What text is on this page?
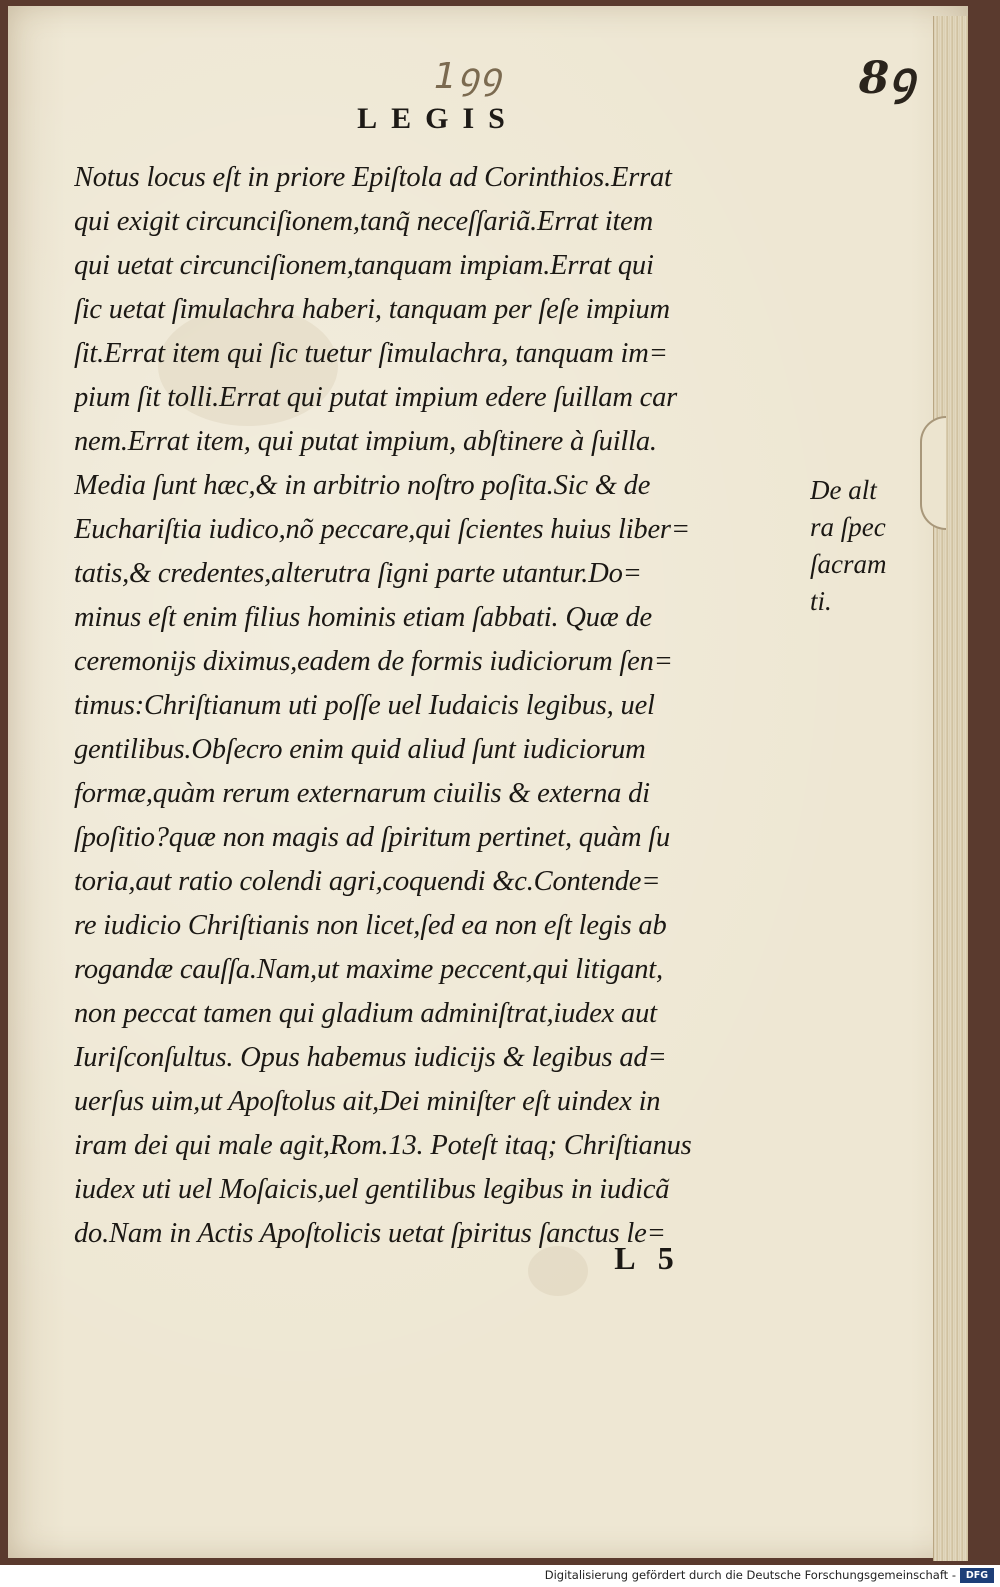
1ꝯꝯ	8ꝯ
LEGIS
Notus locus eſt in priore Epiſtola ad Corinthios.Errat
qui exigit circunciſionem,tanq̃ neceſſariã.Errat item
qui uetat circunciſionem,tanquam impiam.Errat qui
ſic uetat ſimulachra haberi, tanquam per ſeſe impium
ſit.Errat item qui ſic tuetur ſimulachra, tanquam im=
pium ſit tolli.Errat qui putat impium edere ſuillam car
nem.Errat item, qui putat impium, abſtinere à ſuilla.
Media ſunt hæc,& in arbitrio noſtro poſita.Sic & de
Euchariſtia iudico,nõ peccare,qui ſcientes huius liber=
tatis,& credentes,alterutra ſigni parte utantur.Do=
minus eſt enim filius hominis etiam ſabbati. Quæ de
ceremonijs diximus,eadem de formis iudiciorum ſen=
timus:Chriſtianum uti poſſe uel Iudaicis legibus, uel
gentilibus.Obſecro enim quid aliud ſunt iudiciorum
formæ,quàm rerum externarum ciuilis & externa di
ſpoſitio?quæ non magis ad ſpiritum pertinet, quàm ſu
toria,aut ratio colendi agri,coquendi &c.Contende=
re iudicio Chriſtianis non licet,ſed ea non eſt legis ab
rogandæ cauſſa.Nam,ut maxime peccent,qui litigant,
non peccat tamen qui gladium adminiſtrat,iudex aut
Iuriſconſultus. Opus habemus iudicijs & legibus ad=
uerſus uim,ut Apoſtolus ait,Dei miniſter eſt uindex in
iram dei qui male agit,Rom.13. Poteſt itaq; Chriſtianus
iudex uti uel Moſaicis,uel gentilibus legibus in iudicã
do.Nam in Actis Apoſtolicis uetat ſpiritus ſanctus le=
De alt
ra ſpec
ſacram
ti.
L 5
Digitalisierung gefördert durch die Deutsche Forschungsgemeinschaft -	DFG
